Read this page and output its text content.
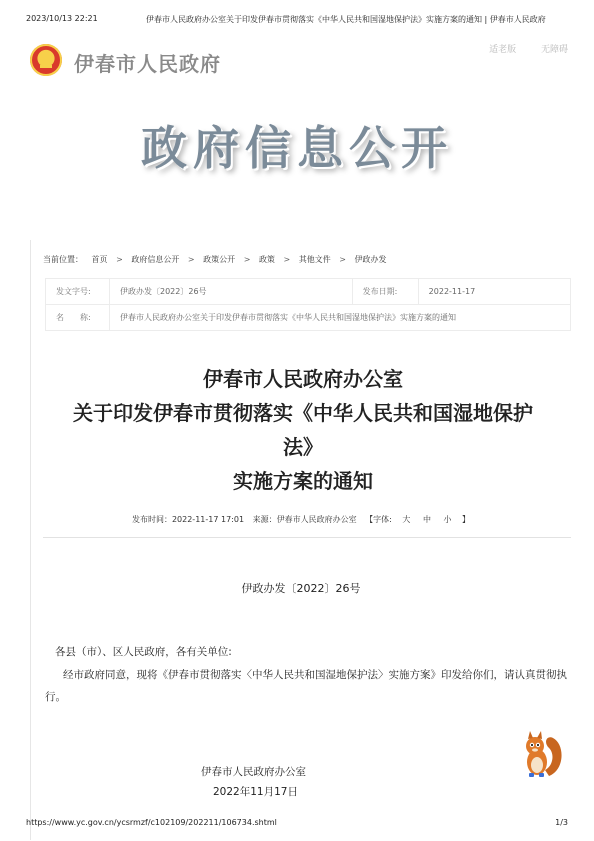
2023/10/13 22:21	伊春市人民政府办公室关于印发伊春市贯彻落实《中华人民共和国湿地保护法》实施方案的通知 | 伊春市人民政府
伊春市人民政府
适老版	无障碍
政府信息公开
当前位置： 首页 > 政府信息公开 > 政策公开 > 政策 > 其他文件 > 伊政办发
发文字号:	伊政办发〔2022〕26号	发布日期:	2022-11-17
名　　称:	伊春市人民政府办公室关于印发伊春市贯彻落实《中华人民共和国湿地保护法》实施方案的通知		
伊春市人民政府办公室
关于印发伊春市贯彻落实《中华人民共和国湿地保护
法》
实施方案的通知
发布时间：2022-11-17 17:01 来源：伊春市人民政府办公室 【字体: 大 中 小 】
伊政办发〔2022〕26号
各县（市）、区人民政府，各有关单位:
经市政府同意，现将《伊春市贯彻落实〈中华人民共和国湿地保护法〉实施方案》印发给你们，请认真贯彻执行。
伊春市人民政府办公室
2022年11月17日
https://www.yc.gov.cn/ycsrmzf/c102109/202211/106734.shtml	1/3
